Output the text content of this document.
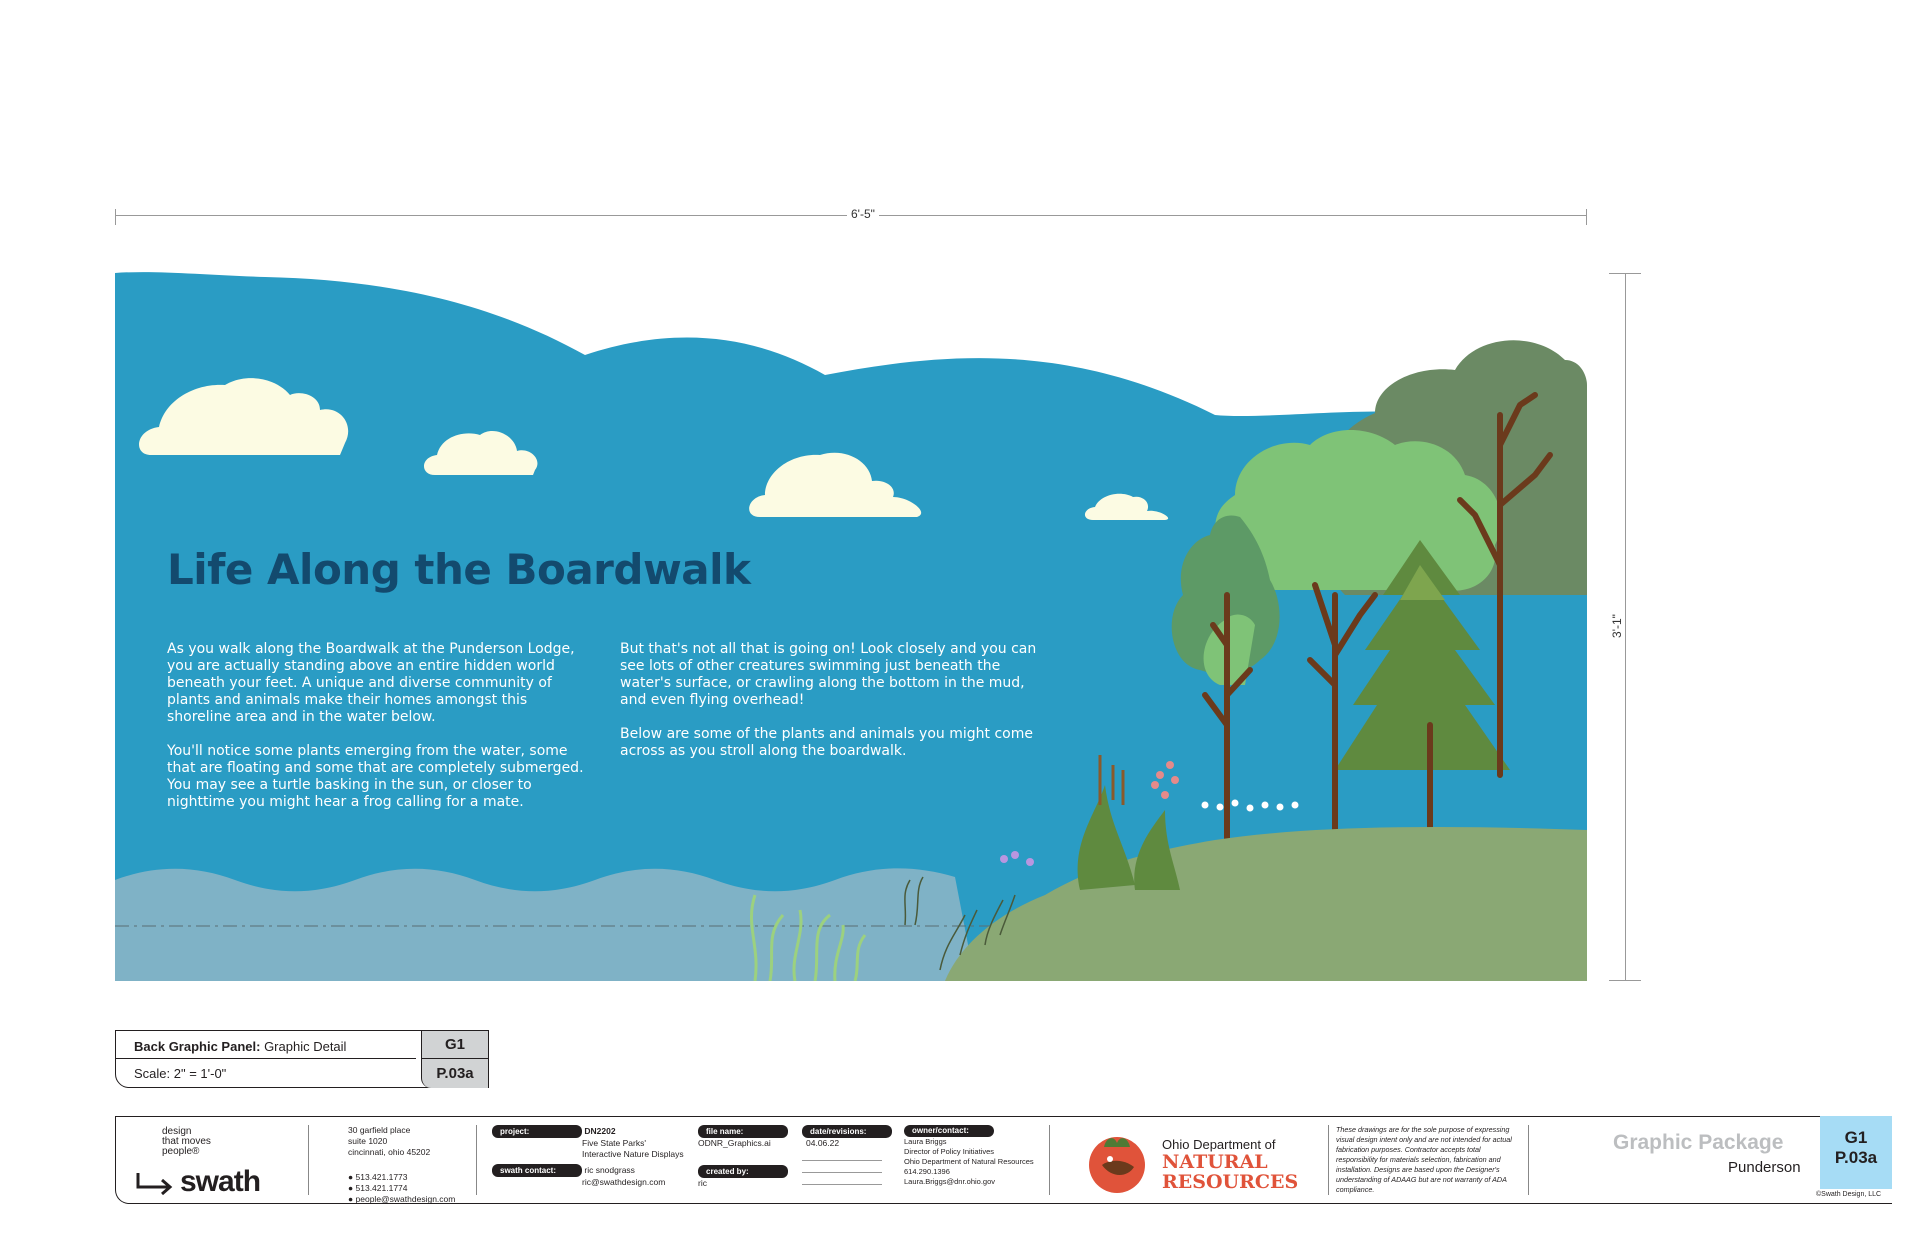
6'-5"
3'-1"
Life Along the Boardwalk

As you walk along the Boardwalk at the Punderson Lodge, you are actually standing above an entire hidden world beneath your feet. A unique and diverse community of plants and animals make their homes amongst this shoreline area and in the water below.

You'll notice some plants emerging from the water, some that are floating and some that are completely submerged. You may see a turtle basking in the sun, or closer to nighttime you might hear a frog calling for a mate.

But that's not all that is going on! Look closely and you can see lots of other creatures swimming just beneath the water's surface, or crawling along the bottom in the mud, and even flying overhead!

Below are some of the plants and animals you might come across as you stroll along the boardwalk.

Back Graphic Panel: Graphic Detail
Scale: 2" = 1'-0"
G1
P.03a
design
that moves
people®
swath
30 garfield place
suite 1020
cincinnati, ohio 45202
● 513.421.1773
● 513.421.1774
● people@swathdesign.com
project:	DN2202
Five State Parks'
Interactive Nature Displays
swath contact:	ric snodgrass
ric@swathdesign.com
file name:
ODNR_Graphics.ai
created by:
ric
date/revisions:
04.06.22
owner/contact:
Laura Briggs
Director of Policy Initiatives
Ohio Department of Natural Resources
614.290.1396
Laura.Briggs@dnr.ohio.gov
Ohio Department of
NATURAL
RESOURCES
These drawings are for the sole purpose of expressing visual design intent only and are not intended for actual fabrication purposes. Contractor accepts total responsibility for materials selection, fabrication and installation. Designs are based upon the Designer's understanding of ADAAG but are not warranty of ADA compliance.
Graphic Package
Punderson
G1
P.03a
©Swath Design, LLC
